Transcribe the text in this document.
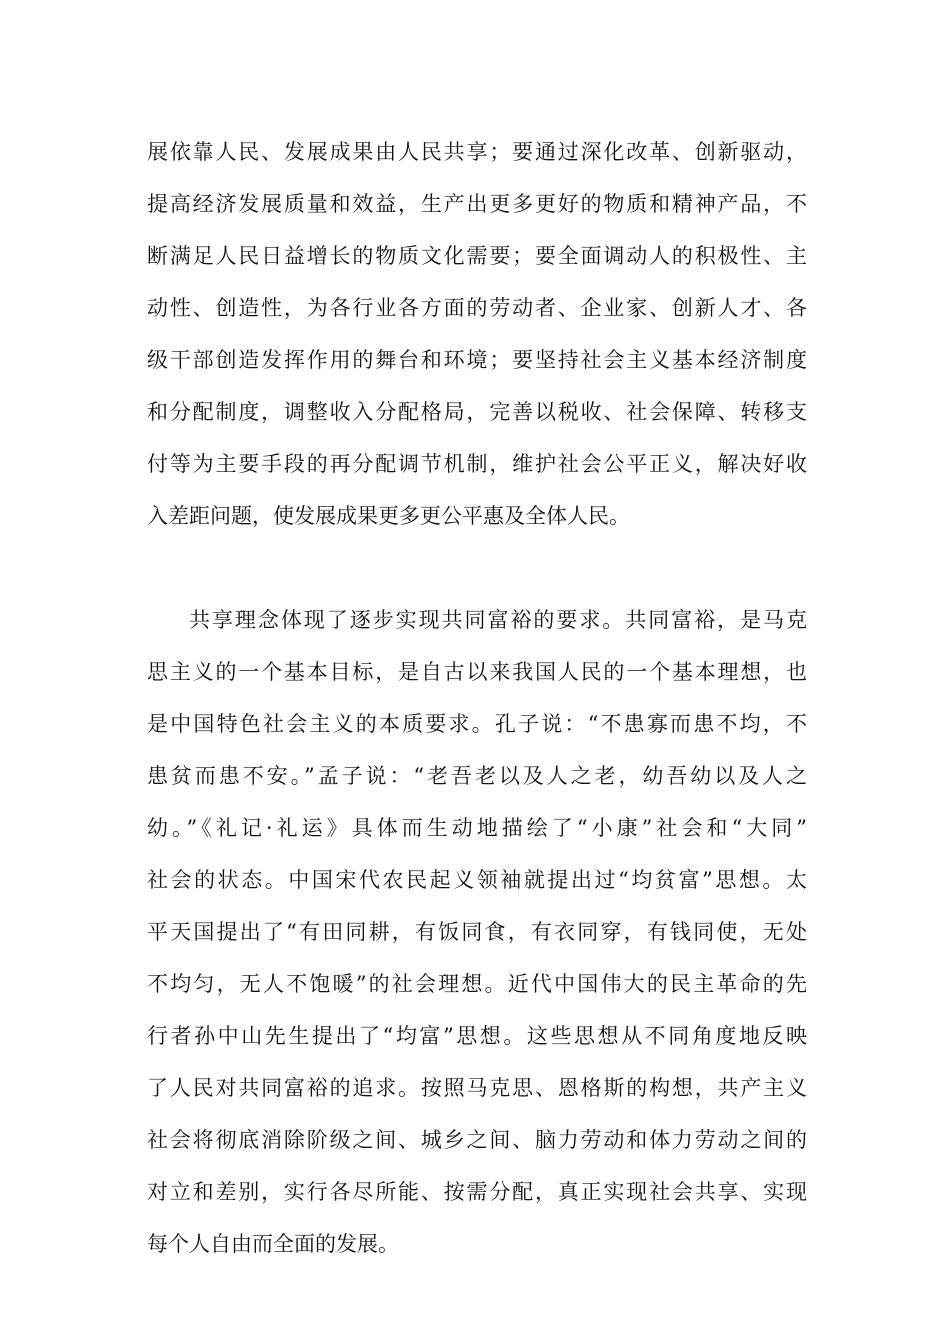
展依靠人民、发展成果由人民共享；要通过深化改革、创新驱动，

提高经济发展质量和效益，生产出更多更好的物质和精神产品，不

断满足人民日益增长的物质文化需要；要全面调动人的积极性、主

动性、创造性，为各行业各方面的劳动者、企业家、创新人才、各

级干部创造发挥作用的舞台和环境；要坚持社会主义基本经济制度

和分配制度，调整收入分配格局，完善以税收、社会保障、转移支

付等为主要手段的再分配调节机制，维护社会公平正义，解决好收

入差距问题，使发展成果更多更公平惠及全体人民。

共享理念体现了逐步实现共同富裕的要求。共同富裕，是马克

思主义的一个基本目标，是自古以来我国人民的一个基本理想，也

是中国特色社会主义的本质要求。孔子说：“不患寡而患不均，不

患贫而患不安。”孟子说：“老吾老以及人之老，幼吾幼以及人之

幼。”《礼记·礼运》具体而生动地描绘了“小康”社会和“大同”

社会的状态。中国宋代农民起义领袖就提出过“均贫富”思想。太

平天国提出了“有田同耕，有饭同食，有衣同穿，有钱同使，无处

不均匀，无人不饱暖”的社会理想。近代中国伟大的民主革命的先

行者孙中山先生提出了“均富”思想。这些思想从不同角度地反映

了人民对共同富裕的追求。按照马克思、恩格斯的构想，共产主义

社会将彻底消除阶级之间、城乡之间、脑力劳动和体力劳动之间的

对立和差别，实行各尽所能、按需分配，真正实现社会共享、实现

每个人自由而全面的发展。
